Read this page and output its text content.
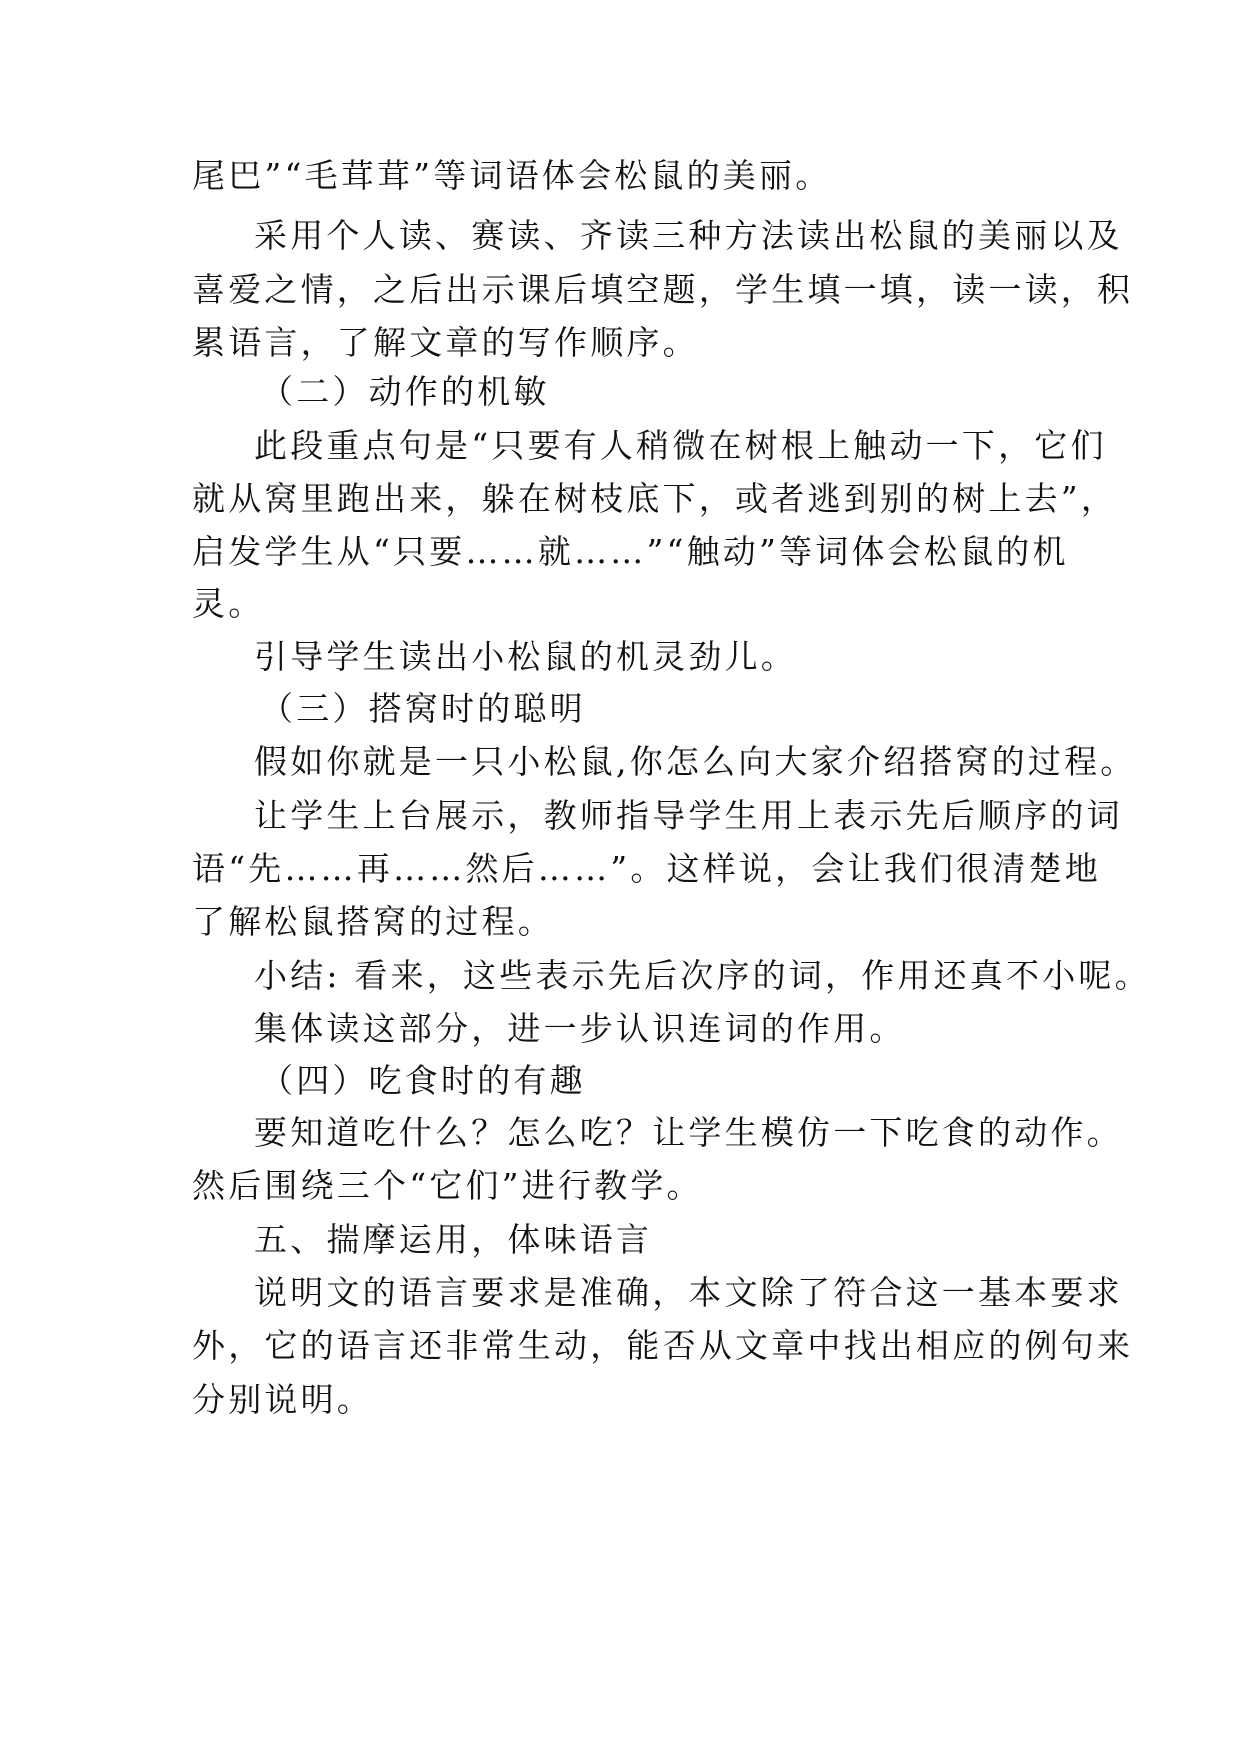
尾巴”“毛茸茸”等词语体会松鼠的美丽。
采用个人读、赛读、齐读三种方法读出松鼠的美丽以及
喜爱之情，之后出示课后填空题，学生填一填，读一读，积
累语言，了解文章的写作顺序。
（二）动作的机敏
此段重点句是“只要有人稍微在树根上触动一下，它们
就从窝里跑出来，躲在树枝底下，或者逃到别的树上去”，
启发学生从“只要……就……”“触动”等词体会松鼠的机
灵。
引导学生读出小松鼠的机灵劲儿。
（三）搭窝时的聪明
假如你就是一只小松鼠,你怎么向大家介绍搭窝的过程。
让学生上台展示，教师指导学生用上表示先后顺序的词
语“先……再……然后……”。这样说，会让我们很清楚地
了解松鼠搭窝的过程。
小结: 看来，这些表示先后次序的词，作用还真不小呢。
集体读这部分，进一步认识连词的作用。
（四）吃食时的有趣
要知道吃什么？怎么吃？让学生模仿一下吃食的动作。
然后围绕三个“它们”进行教学。
五、揣摩运用，体味语言
说明文的语言要求是准确，本文除了符合这一基本要求
外，它的语言还非常生动，能否从文章中找出相应的例句来
分别说明。
